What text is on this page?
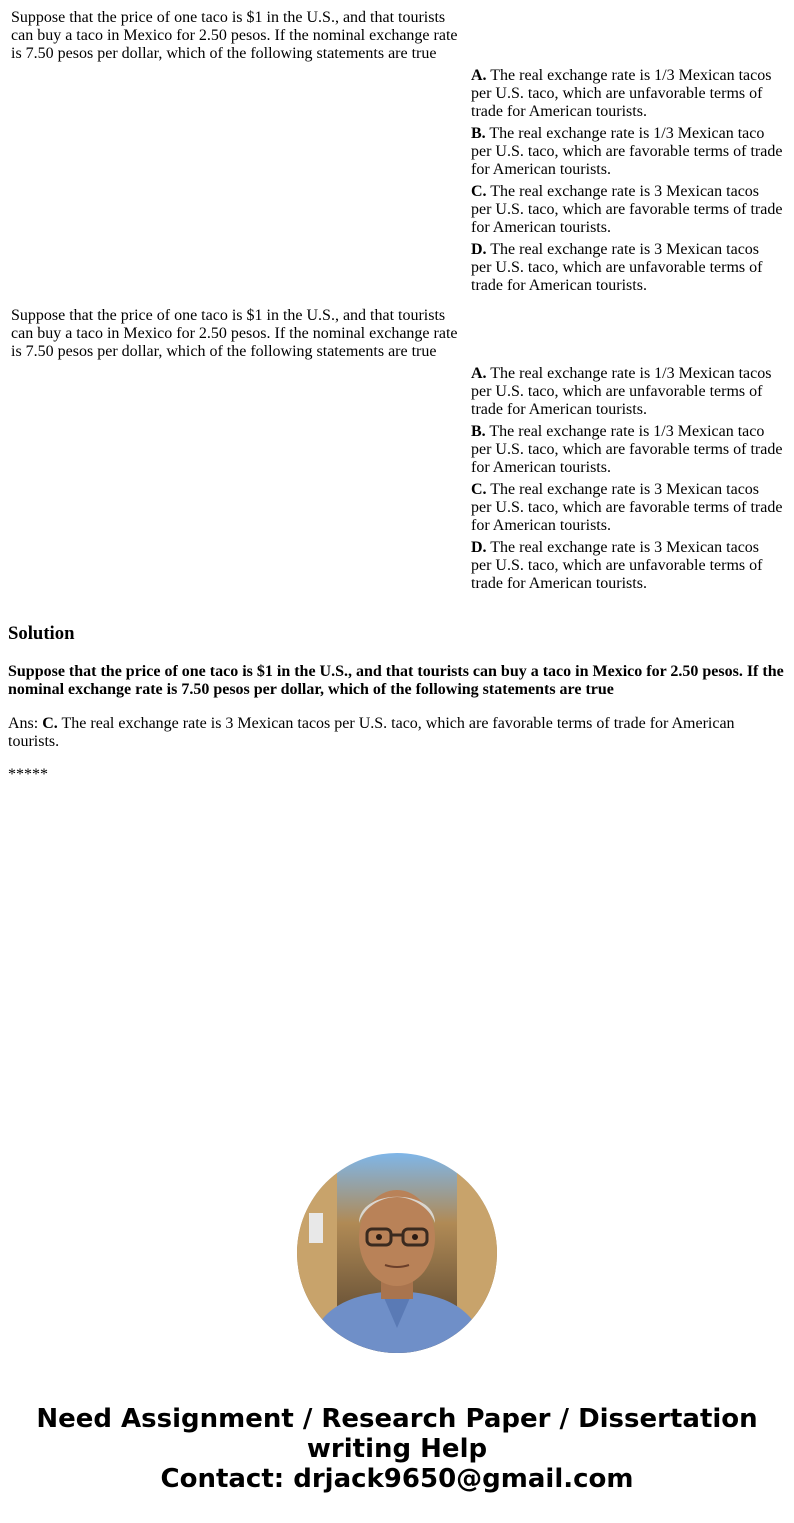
Suppose that the price of one taco is $1 in the U.S., and that tourists can buy a taco in Mexico for 2.50 pesos. If the nominal exchange rate is 7.50 pesos per dollar, which of the following statements are true	

	A. The real exchange rate is 1/3 Mexican tacos per U.S. taco, which are unfavorable terms of trade for American tourists.
B. The real exchange rate is 1/3 Mexican taco per U.S. taco, which are favorable terms of trade for American tourists.
C. The real exchange rate is 3 Mexican tacos per U.S. taco, which are favorable terms of trade for American tourists.
D. The real exchange rate is 3 Mexican tacos per U.S. taco, which are unfavorable terms of trade for American tourists.
Suppose that the price of one taco is $1 in the U.S., and that tourists can buy a taco in Mexico for 2.50 pesos. If the nominal exchange rate is 7.50 pesos per dollar, which of the following statements are true	

	A. The real exchange rate is 1/3 Mexican tacos per U.S. taco, which are unfavorable terms of trade for American tourists.
B. The real exchange rate is 1/3 Mexican taco per U.S. taco, which are favorable terms of trade for American tourists.
C. The real exchange rate is 3 Mexican tacos per U.S. taco, which are favorable terms of trade for American tourists.
D. The real exchange rate is 3 Mexican tacos per U.S. taco, which are unfavorable terms of trade for American tourists.
Solution

Suppose that the price of one taco is $1 in the U.S., and that tourists can buy a taco in Mexico for 2.50 pesos. If the nominal exchange rate is 7.50 pesos per dollar, which of the following statements are true

Ans: C. The real exchange rate is 3 Mexican tacos per U.S. taco, which are favorable terms of trade for American tourists.

*****

Need Assignment / Research Paper / Dissertation
writing Help
Contact: drjack9650@gmail.com
